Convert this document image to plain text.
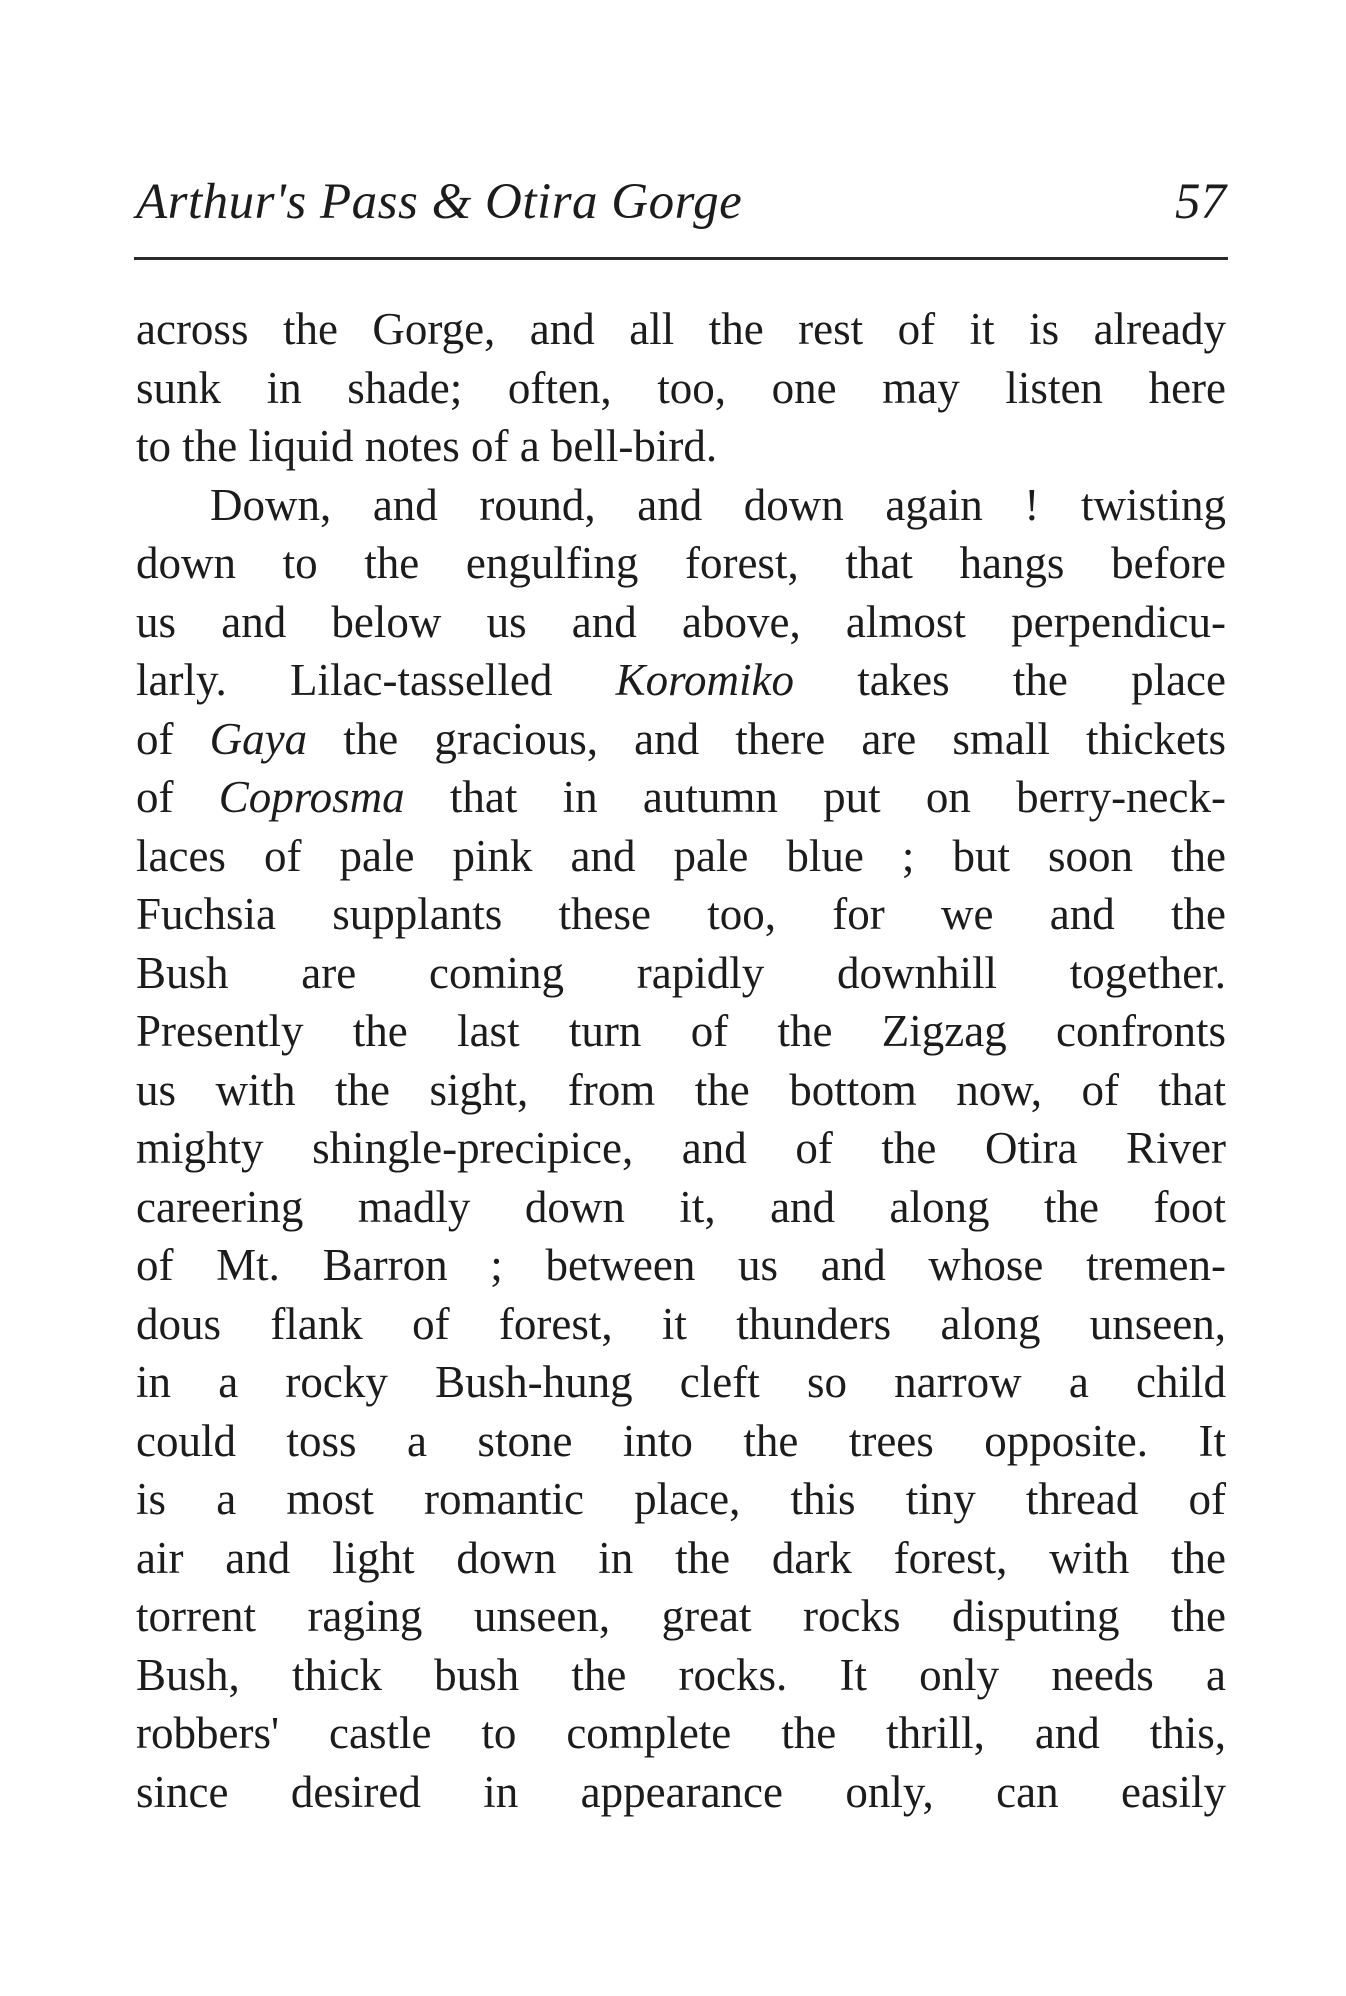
Arthur's Pass & Otira Gorge	57
across the Gorge, and all the rest of it is already
sunk in shade; often, too, one may listen here
to the liquid notes of a bell-bird.
Down, and round, and down again ! twisting
down to the engulfing forest, that hangs before
us and below us and above, almost perpendicu-
larly. Lilac-tasselled Koromiko takes the place
of Gaya the gracious, and there are small thickets
of Coprosma that in autumn put on berry-neck-
laces of pale pink and pale blue ; but soon the
Fuchsia supplants these too, for we and the
Bush are coming rapidly downhill together.
Presently the last turn of the Zigzag confronts
us with the sight, from the bottom now, of that
mighty shingle-precipice, and of the Otira River
careering madly down it, and along the foot
of Mt. Barron ; between us and whose tremen-
dous flank of forest, it thunders along unseen,
in a rocky Bush-hung cleft so narrow a child
could toss a stone into the trees opposite. It
is a most romantic place, this tiny thread of
air and light down in the dark forest, with the
torrent raging unseen, great rocks disputing the
Bush, thick bush the rocks. It only needs a
robbers' castle to complete the thrill, and this,
since desired in appearance only, can easily
